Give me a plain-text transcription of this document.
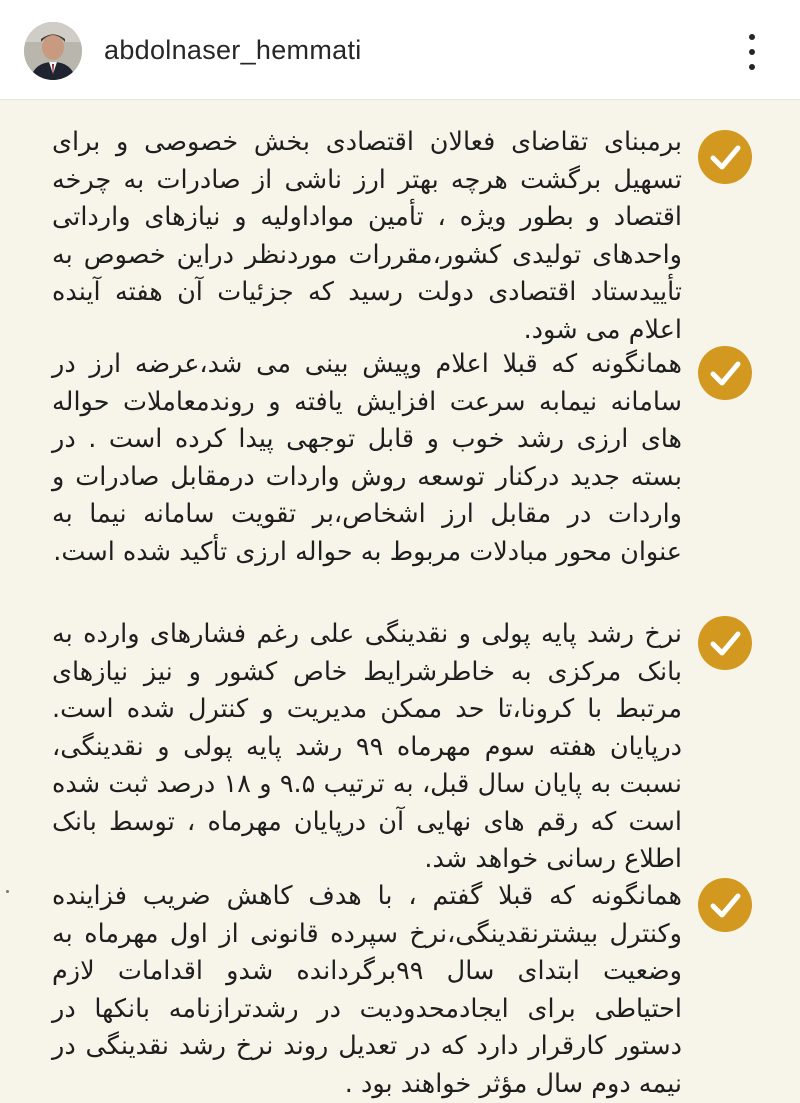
abdolnaser_hemmati

برمبنای تقاضای فعالان اقتصادی بخش خصوصی و برای تسهیل برگشت هرچه بهتر ارز ناشی از صادرات به چرخه اقتصاد و بطور ویژه ، تأمین مواداولیه و نیازهای وارداتی واحدهای تولیدی کشور،مقررات موردنظر دراین خصوص به تأییدستاد اقتصادی دولت رسید که جزئیات آن هفته آینده اعلام می شود.

همانگونه که قبلا اعلام وپیش بینی می شد،عرضه ارز در سامانه نیمابه سرعت افزایش یافته و روندمعاملات حواله های ارزی رشد خوب و قابل توجهی پیدا کرده است . در بسته جدید درکنار توسعه روش واردات درمقابل صادرات و واردات در مقابل ارز اشخاص،بر تقویت سامانه نیما به عنوان محور مبادلات مربوط به حواله ارزی تأکید شده است.

نرخ رشد پایه پولی و نقدینگی علی رغم فشارهای وارده به بانک مرکزی به خاطرشرایط خاص کشور و نیز نیازهای مرتبط با کرونا،تا حد ممکن مدیریت و کنترل شده است. درپایان هفته سوم مهرماه ۹۹ رشد پایه پولی و نقدینگی، نسبت به پایان سال قبل، به ترتیب ۹.۵ و ۱۸ درصد ثبت شده است که رقم های نهایی آن درپایان مهرماه ، توسط بانک اطلاع رسانی خواهد شد.

همانگونه که قبلا گفتم ، با هدف کاهش ضریب فزاینده وکنترل بیشترنقدینگی،نرخ سپرده قانونی از اول مهرماه به وضعیت ابتدای سال ۹۹برگردانده شدو اقدامات لازم احتیاطی برای ایجادمحدودیت در رشدترازنامه بانکها در دستور کارقرار دارد که در تعدیل روند نرخ رشد نقدینگی در نیمه دوم سال مؤثر خواهند بود .
